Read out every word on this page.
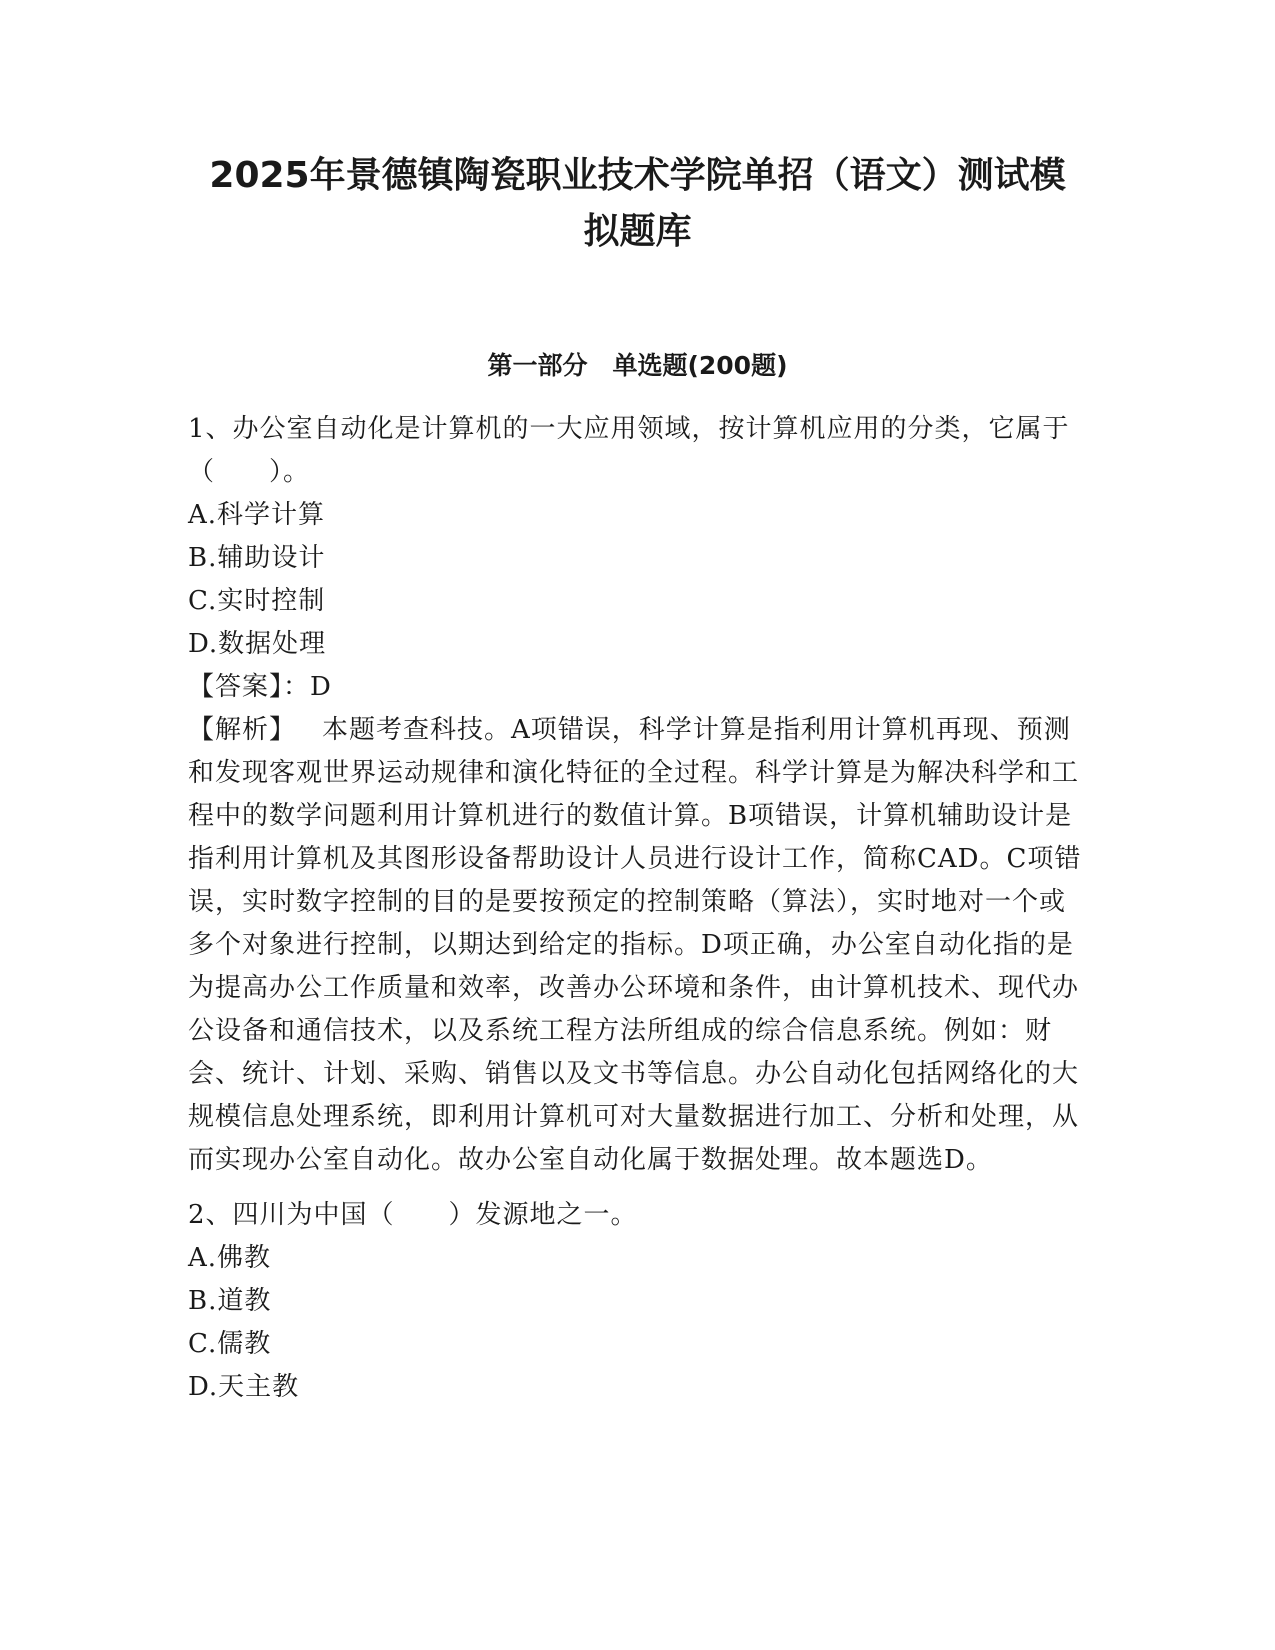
2025年景德镇陶瓷职业技术学院单招（语文）测试模
拟题库
第一部分　单选题(200题)

1、办公室自动化是计算机的一大应用领域，按计算机应用的分类，它属于（　　）。

A.科学计算

B.辅助设计

C.实时控制

D.数据处理

【答案】：D

【解析】 本题考查科技。A项错误，科学计算是指利用计算机再现、预测和发现客观世界运动规律和演化特征的全过程。科学计算是为解决科学和工程中的数学问题利用计算机进行的数值计算。B项错误，计算机辅助设计是指利用计算机及其图形设备帮助设计人员进行设计工作，简称CAD。C项错误，实时数字控制的目的是要按预定的控制策略（算法），实时地对一个或多个对象进行控制，以期达到给定的指标。D项正确，办公室自动化指的是为提高办公工作质量和效率，改善办公环境和条件，由计算机技术、现代办公设备和通信技术，以及系统工程方法所组成的综合信息系统。例如：财会、统计、计划、采购、销售以及文书等信息。办公自动化包括网络化的大规模信息处理系统，即利用计算机可对大量数据进行加工、分析和处理，从而实现办公室自动化。故办公室自动化属于数据处理。故本题选D。

2、四川为中国（　　）发源地之一。

A.佛教

B.道教

C.儒教

D.天主教
